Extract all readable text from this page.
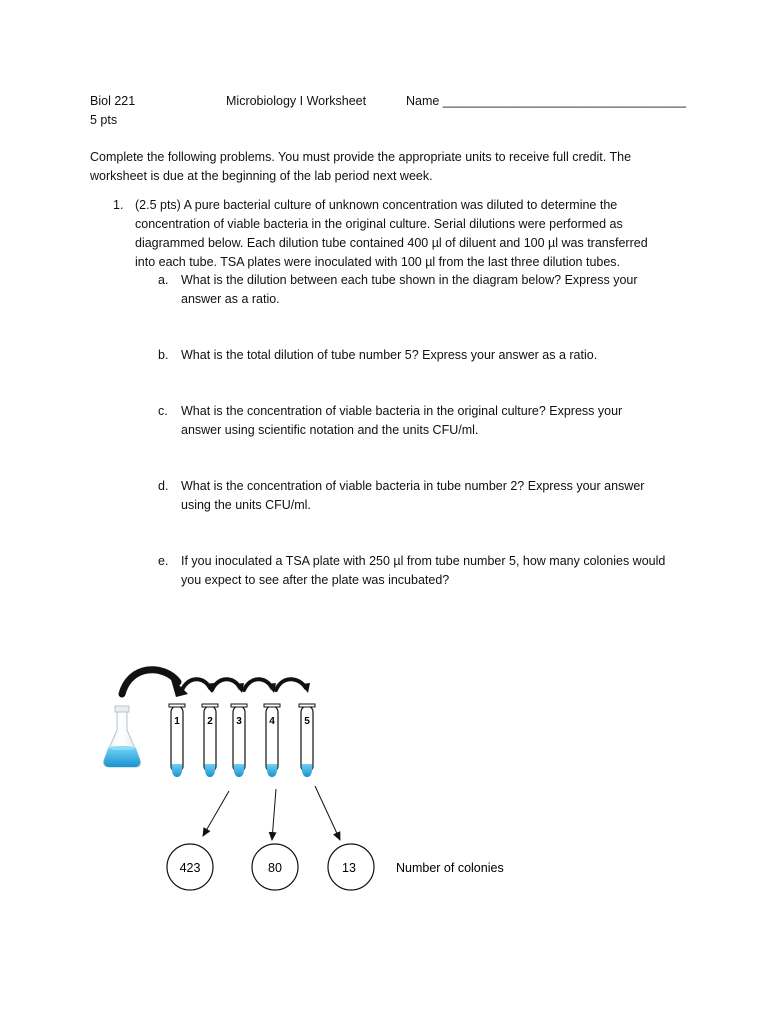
Biol 221	Microbiology I Worksheet	Name ___________________________________
5 pts
Complete the following problems. You must provide the appropriate units to receive full credit. The
worksheet is due at the beginning of the lab period next week.
1. (2.5 pts) A pure bacterial culture of unknown concentration was diluted to determine the
concentration of viable bacteria in the original culture. Serial dilutions were performed as
diagrammed below. Each dilution tube contained 400 µl of diluent and 100 µl was transferred
into each tube. TSA plates were inoculated with 100 µl from the last three dilution tubes.
a. What is the dilution between each tube shown in the diagram below? Express your
answer as a ratio.
b. What is the total dilution of tube number 5? Express your answer as a ratio.
c. What is the concentration of viable bacteria in the original culture? Express your
answer using scientific notation and the units CFU/ml.
d. What is the concentration of viable bacteria in tube number 2? Express your answer
using the units CFU/ml.
e. If you inoculated a TSA plate with 250 µl from tube number 5, how many colonies would
you expect to see after the plate was incubated?
1	2 3	4	5
423	80	13	Number of colonies
